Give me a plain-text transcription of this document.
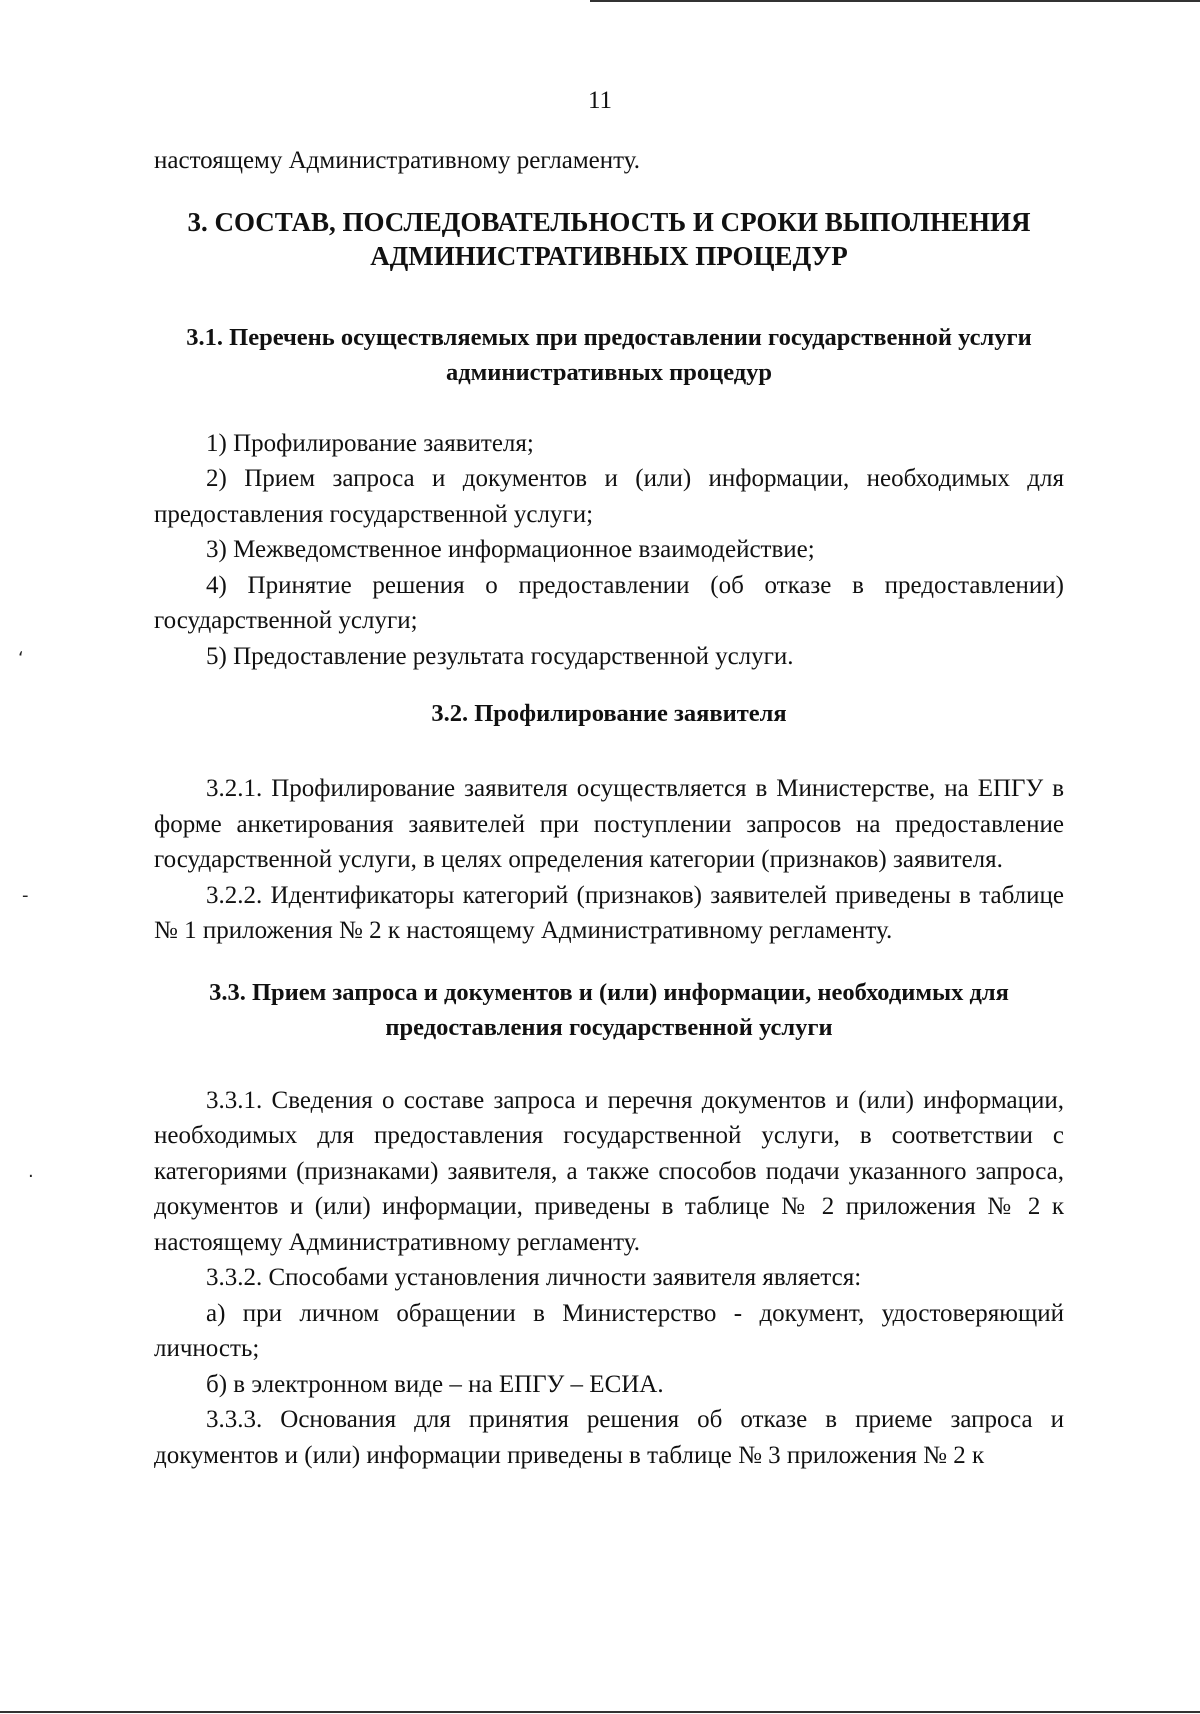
ʻ
-
·
11

настоящему Административному регламенту.

3. СОСТАВ, ПОСЛЕДОВАТЕЛЬНОСТЬ И СРОКИ ВЫПОЛНЕНИЯ АДМИНИСТРАТИВНЫХ ПРОЦЕДУР
3.1. Перечень осуществляемых при предоставлении государственной услуги административных процедур

1) Профилирование заявителя;

2) Прием запроса и документов и (или) информации, необходимых для предоставления государственной услуги;

3) Межведомственное информационное взаимодействие;

4) Принятие решения о предоставлении (об отказе в предоставлении) государственной услуги;

5) Предоставление результата государственной услуги.

3.2. Профилирование заявителя

3.2.1. Профилирование заявителя осуществляется в Министерстве, на ЕПГУ в форме анкетирования заявителей при поступлении запросов на предоставление государственной услуги, в целях определения категории (признаков) заявителя.

3.2.2. Идентификаторы категорий (признаков) заявителей приведены в таблице № 1 приложения № 2 к настоящему Административному регламенту.

3.3. Прием запроса и документов и (или) информации, необходимых для предоставления государственной услуги

3.3.1. Сведения о составе запроса и перечня документов и (или) информации, необходимых для предоставления государственной услуги, в соответствии с категориями (признаками) заявителя, а также способов подачи указанного запроса, документов и (или) информации, приведены в таблице № 2 приложения № 2 к настоящему Административному регламенту.

3.3.2. Способами установления личности заявителя является:

а) при личном обращении в Министерство - документ, удостоверяющий личность;

б) в электронном виде – на ЕПГУ – ЕСИА.

3.3.3. Основания для принятия решения об отказе в приеме запроса и документов и (или) информации приведены в таблице № 3 приложения № 2 к
